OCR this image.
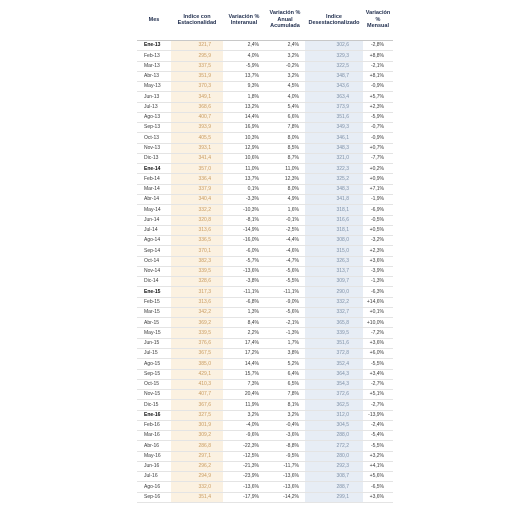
Mes	Indice con Estacionalidad	Variación % Interanual	Variación % Anual Acumulada	Indice Desestacionalizado	Variación % Mensual
Ene-13	321,7	2,4%	2,4%	302,6	-2,8%
Feb-13	295,9	4,0%	3,2%	329,3	+8,8%
Mar-13	337,5	-5,9%	-0,2%	322,5	-2,1%
Abr-13	351,9	13,7%	3,2%	348,7	+8,1%
May-13	370,3	9,3%	4,5%	343,6	-0,9%
Jun-13	349,1	1,8%	4,0%	363,4	+5,7%
Jul-13	368,6	13,2%	5,4%	373,9	+2,3%
Ago-13	400,7	14,4%	6,6%	351,6	-5,9%
Sep-13	393,9	16,9%	7,8%	349,3	-0,7%
Oct-13	405,5	10,3%	8,0%	346,1	-0,9%
Nov-13	393,1	12,9%	8,5%	348,3	+0,7%
Dic-13	341,4	10,6%	8,7%	321,0	-7,7%
Ene-14	357,0	11,0%	11,0%	322,3	+0,2%
Feb-14	336,4	13,7%	12,3%	325,2	+0,9%
Mar-14	337,9	0,1%	8,0%	348,3	+7,1%
Abr-14	340,4	-3,3%	4,9%	341,8	-1,9%
May-14	332,2	-10,3%	1,6%	318,1	-6,9%
Jun-14	320,8	-8,1%	-0,1%	316,6	-0,5%
Jul-14	313,6	-14,9%	-2,5%	318,1	+0,5%
Ago-14	336,5	-16,0%	-4,4%	308,0	-3,2%
Sep-14	370,1	-6,0%	-4,6%	315,0	+2,3%
Oct-14	382,3	-5,7%	-4,7%	326,3	+3,6%
Nov-14	339,5	-13,6%	-5,6%	313,7	-3,9%
Dic-14	328,6	-3,8%	-5,5%	309,7	-1,3%
Ene-15	317,3	-11,1%	-11,1%	290,0	-6,3%
Feb-15	313,6	-6,8%	-9,0%	332,2	+14,6%
Mar-15	342,2	1,3%	-5,6%	332,7	+0,1%
Abr-15	369,2	8,4%	-2,1%	365,8	+10,0%
May-15	339,5	2,2%	-1,3%	339,5	-7,2%
Jun-15	376,6	17,4%	1,7%	351,6	+3,6%
Jul-15	367,5	17,2%	3,8%	372,8	+6,0%
Ago-15	385,0	14,4%	5,2%	352,4	-5,5%
Sep-15	429,1	15,7%	6,4%	364,3	+3,4%
Oct-15	410,3	7,3%	6,5%	354,3	-2,7%
Nov-15	407,7	20,4%	7,8%	372,6	+5,1%
Dic-15	367,6	11,9%	8,1%	362,5	-2,7%
Ene-16	327,5	3,2%	3,2%	312,0	-13,9%
Feb-16	301,9	-4,0%	-0,4%	304,5	-2,4%
Mar-16	309,2	-9,6%	-3,6%	288,0	-5,4%
Abr-16	286,8	-22,3%	-8,8%	272,2	-5,5%
May-16	297,1	-12,5%	-9,5%	280,0	+3,2%
Jun-16	296,2	-21,3%	-11,7%	292,3	+4,1%
Jul-16	294,9	-23,9%	-13,6%	308,7	+5,6%
Ago-16	332,0	-13,6%	-13,6%	288,7	-6,5%
Sep-16	351,4	-17,9%	-14,2%	299,1	+3,6%
